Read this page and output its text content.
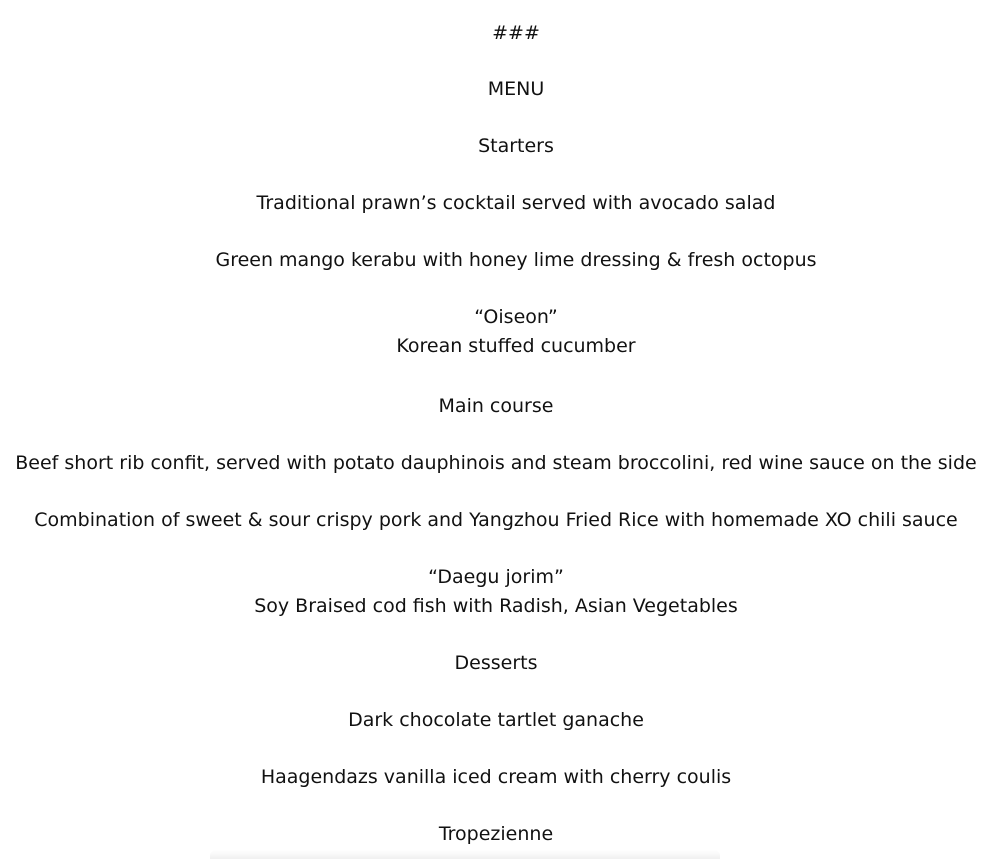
###
MENU
Starters
Traditional prawn’s cocktail served with avocado salad
Green mango kerabu with honey lime dressing & fresh octopus
“Oiseon”
Korean stuffed cucumber
Main course
Beef short rib confit, served with potato dauphinois and steam broccolini, red wine sauce on the side
Combination of sweet & sour crispy pork and Yangzhou Fried Rice with homemade XO chili sauce
“Daegu jorim”
Soy Braised cod fish with Radish, Asian Vegetables
Desserts
Dark chocolate tartlet ganache
Haagendazs vanilla iced cream with cherry coulis
Tropezienne
